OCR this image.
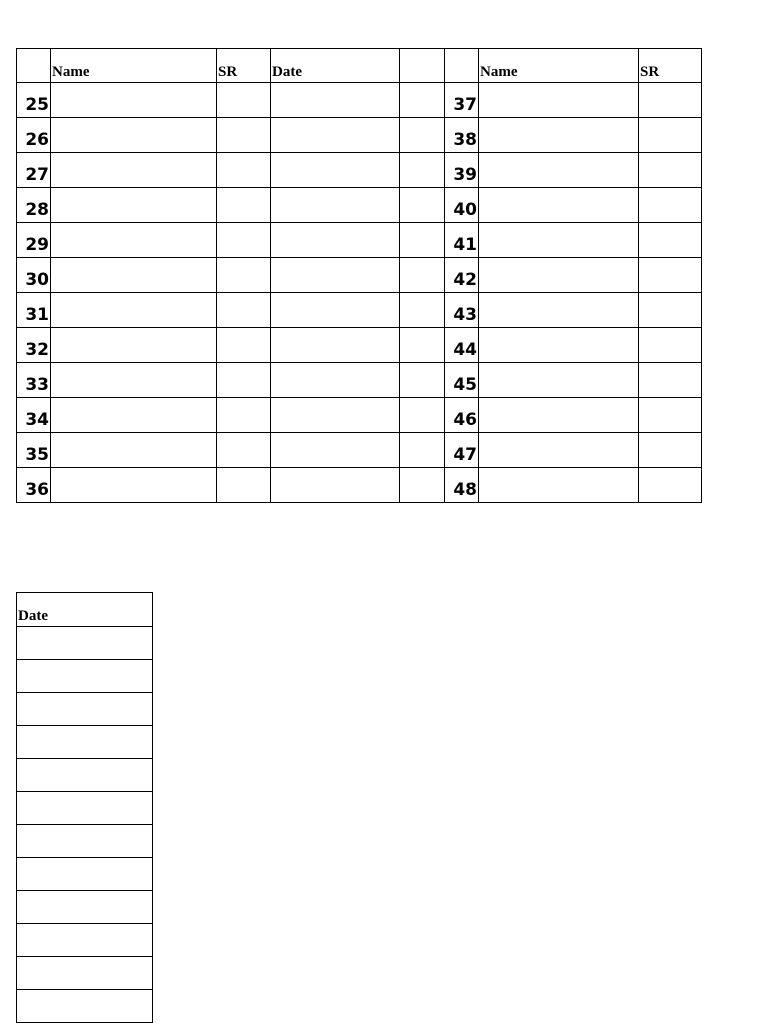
	Name	SR	Date			Name	SR
25					37		
26					38		
27					39		
28					40		
29					41		
30					42		
31					43		
32					44		
33					45		
34					46		
35					47		
36					48		
Date
